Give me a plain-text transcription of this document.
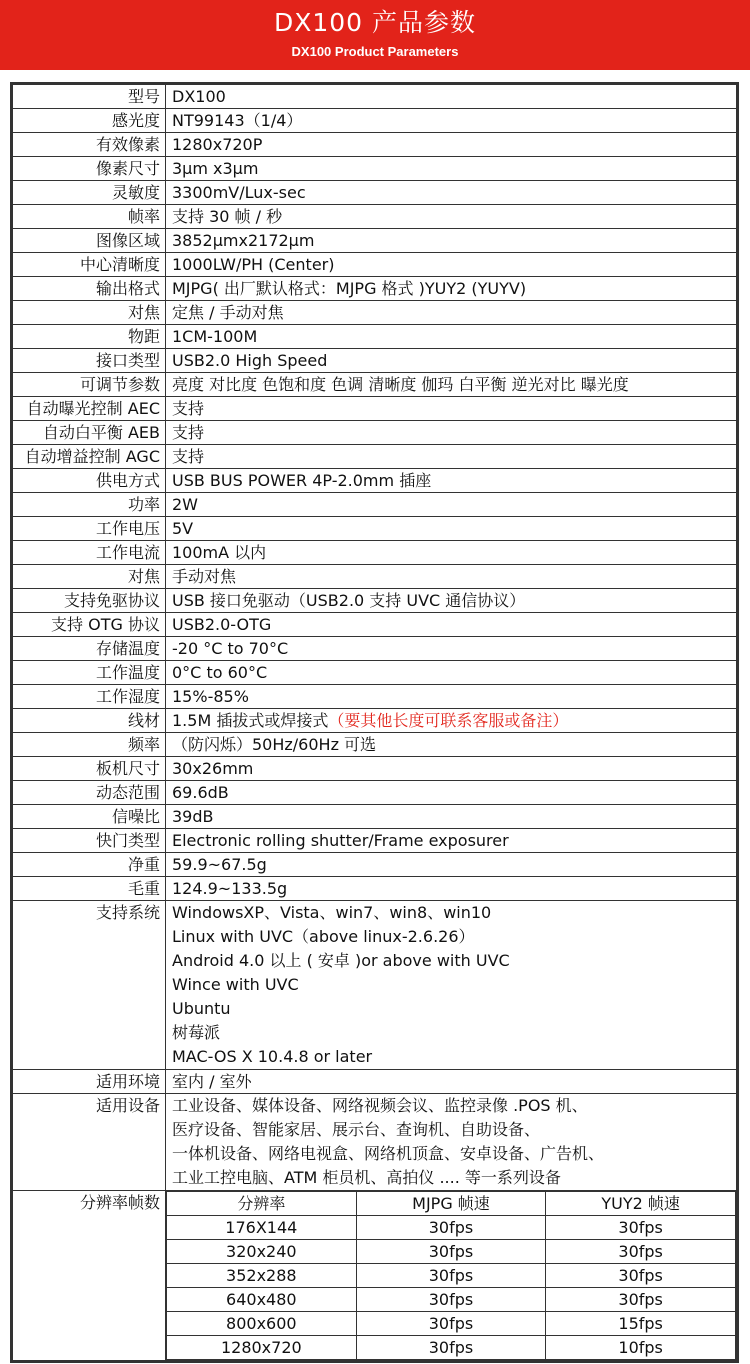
DX100 产品参数
DX100 Product Parameters
型号	DX100
感光度	NT99143（1/4）
有效像素	1280x720P
像素尺寸	3μm x3μm
灵敏度	3300mV/Lux-sec
帧率	支持 30 帧 / 秒
图像区域	3852μmx2172μm
中心清晰度	1000LW/PH (Center)
输出格式	MJPG( 出厂默认格式：MJPG 格式 )YUY2 (YUYV)
对焦	定焦 / 手动对焦
物距	1CM-100M
接口类型	USB2.0 High Speed
可调节参数	亮度 对比度 色饱和度 色调 清晰度 伽玛 白平衡 逆光对比 曝光度
自动曝光控制 AEC	支持
自动白平衡 AEB	支持
自动增益控制 AGC	支持
供电方式	USB BUS POWER 4P-2.0mm 插座
功率	2W
工作电压	5V
工作电流	100mA 以内
对焦	手动对焦
支持免驱协议	USB 接口免驱动（USB2.0 支持 UVC 通信协议）
支持 OTG 协议	USB2.0-OTG
存储温度	-20 °C to 70°C
工作温度	0°C to 60°C
工作湿度	15%-85%
线材	1.5M 插拔式或焊接式（要其他长度可联系客服或备注）
频率	（防闪烁）50Hz/60Hz 可选
板机尺寸	30x26mm
动态范围	69.6dB
信噪比	39dB
快门类型	Electronic rolling shutter/Frame exposurer
净重	59.9~67.5g
毛重	124.9~133.5g
支持系统	WindowsXP、Vista、win7、win8、win10
Linux with UVC（above linux-2.6.26）
Android 4.0 以上 ( 安卓 )or above with UVC
Wince with UVC
Ubuntu
树莓派
MAC-OS X 10.4.8 or later

适用环境	室内 / 室外
适用设备	工业设备、媒体设备、网络视频会议、监控录像 .POS 机、
医疗设备、智能家居、展示台、查询机、自助设备、
一体机设备、网络电视盒、网络机顶盒、安卓设备、广告机、
工业工控电脑、ATM 柜员机、高拍仪 .... 等一系列设备

分辨率帧数		分辨率	MJPG 帧速	YUY2 帧速
176X144	30fps	30fps
320x240	30fps	30fps
352x288	30fps	30fps
640x480	30fps	30fps
800x600	30fps	15fps
1280x720	30fps	10fps
